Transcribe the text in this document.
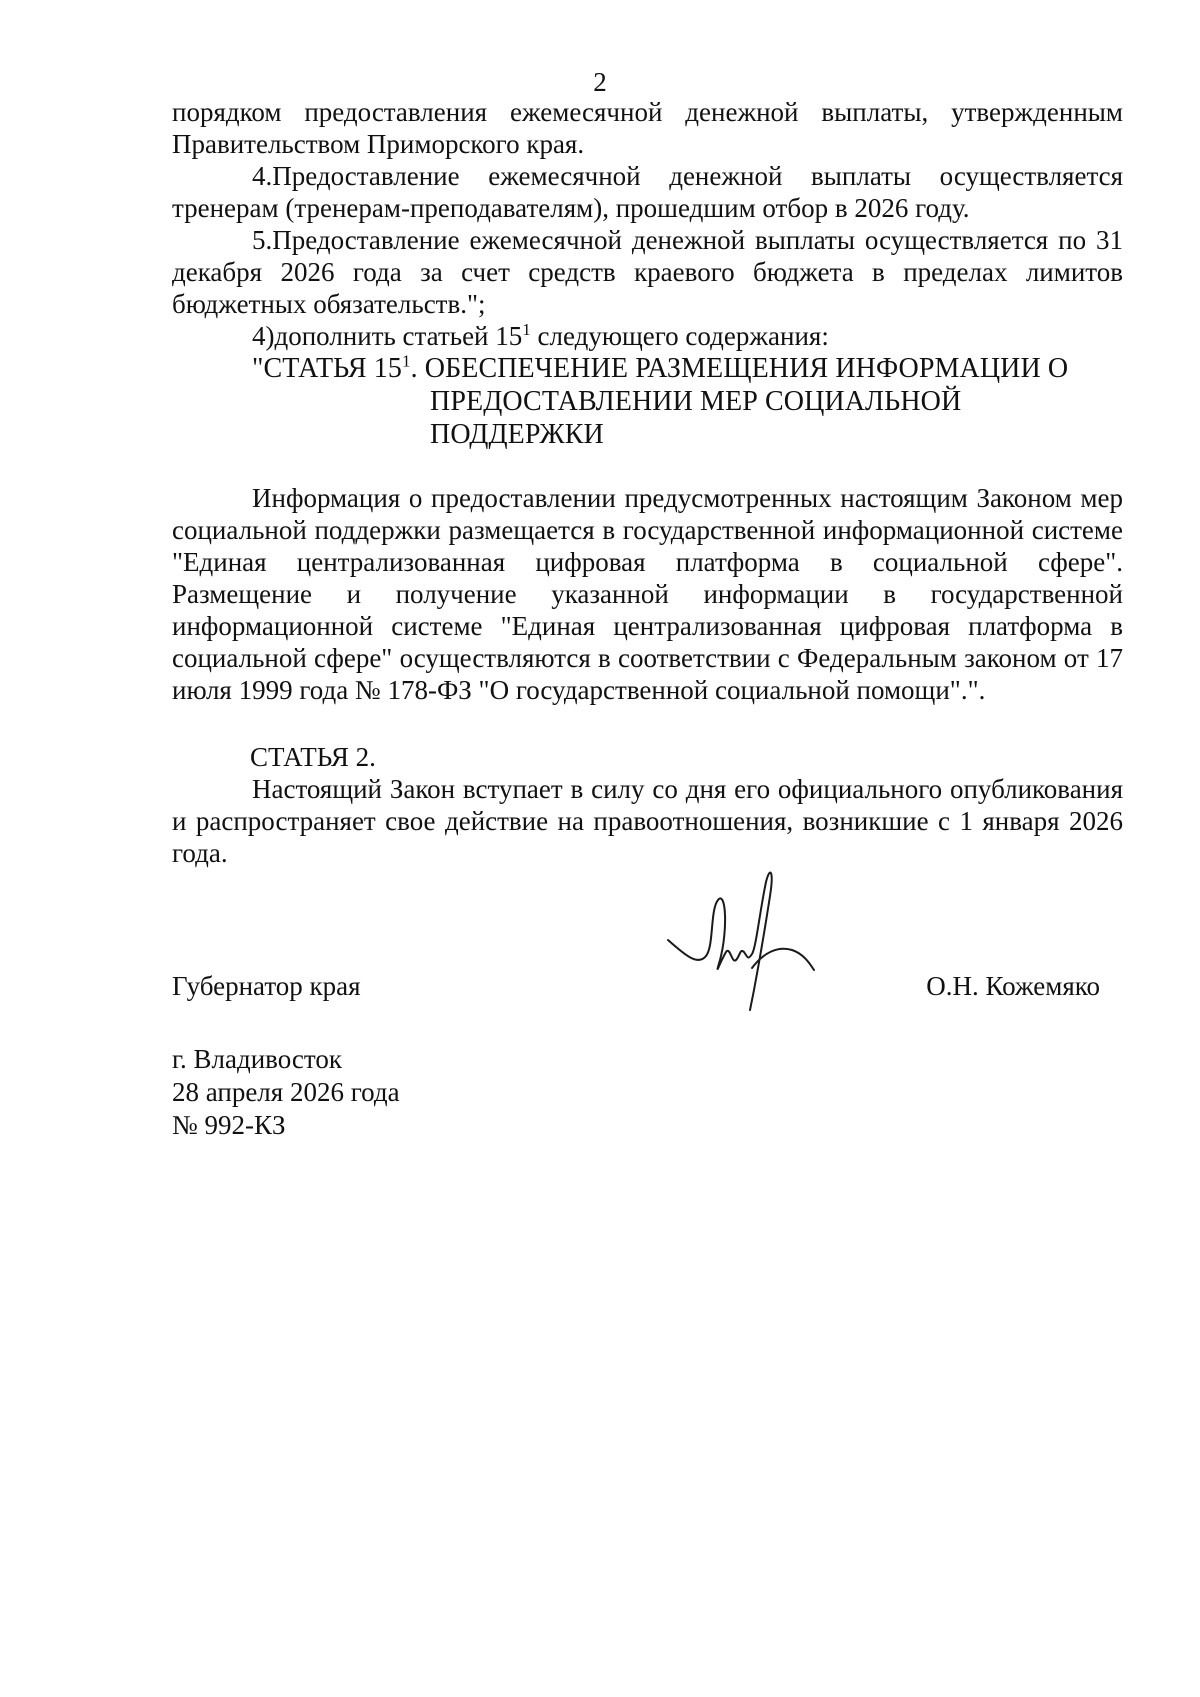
2

порядком предоставления ежемесячной денежной выплаты, утвержденным Правительством Приморского края.

4.Предоставление ежемесячной денежной выплаты осуществляется тренерам (тренерам-преподавателям), прошедшим отбор в 2026 году.

5.Предоставление ежемесячной денежной выплаты осуществляется по 31 декабря 2026 года за счет средств краевого бюджета в пределах лимитов бюджетных обязательств.";

4)дополнить статьей $15^1$ следующего содержания:

"СТАТЬЯ $15^1$. ОБЕСПЕЧЕНИЕ РАЗМЕЩЕНИЯ ИНФОРМАЦИИ О
ПРЕДОСТАВЛЕНИИ МЕР СОЦИАЛЬНОЙ
ПОДДЕРЖКИ

Информация о предоставлении предусмотренных настоящим Законом мер социальной поддержки размещается в государственной информационной системе "Единая централизованная цифровая платформа в социальной сфере". Размещение и получение указанной информации в государственной информационной системе "Единая централизованная цифровая платформа в социальной сфере" осуществляются в соответствии с Федеральным законом от 17 июля 1999 года № 178-ФЗ "О государственной социальной помощи".".

СТАТЬЯ 2.

Настоящий Закон вступает в силу со дня его официального опубликования и распространяет свое действие на правоотношения, возникшие с 1 января 2026 года.

Губернатор края	О.Н. Кожемяко
г. Владивосток
28 апреля 2026 года
№ 992-КЗ
